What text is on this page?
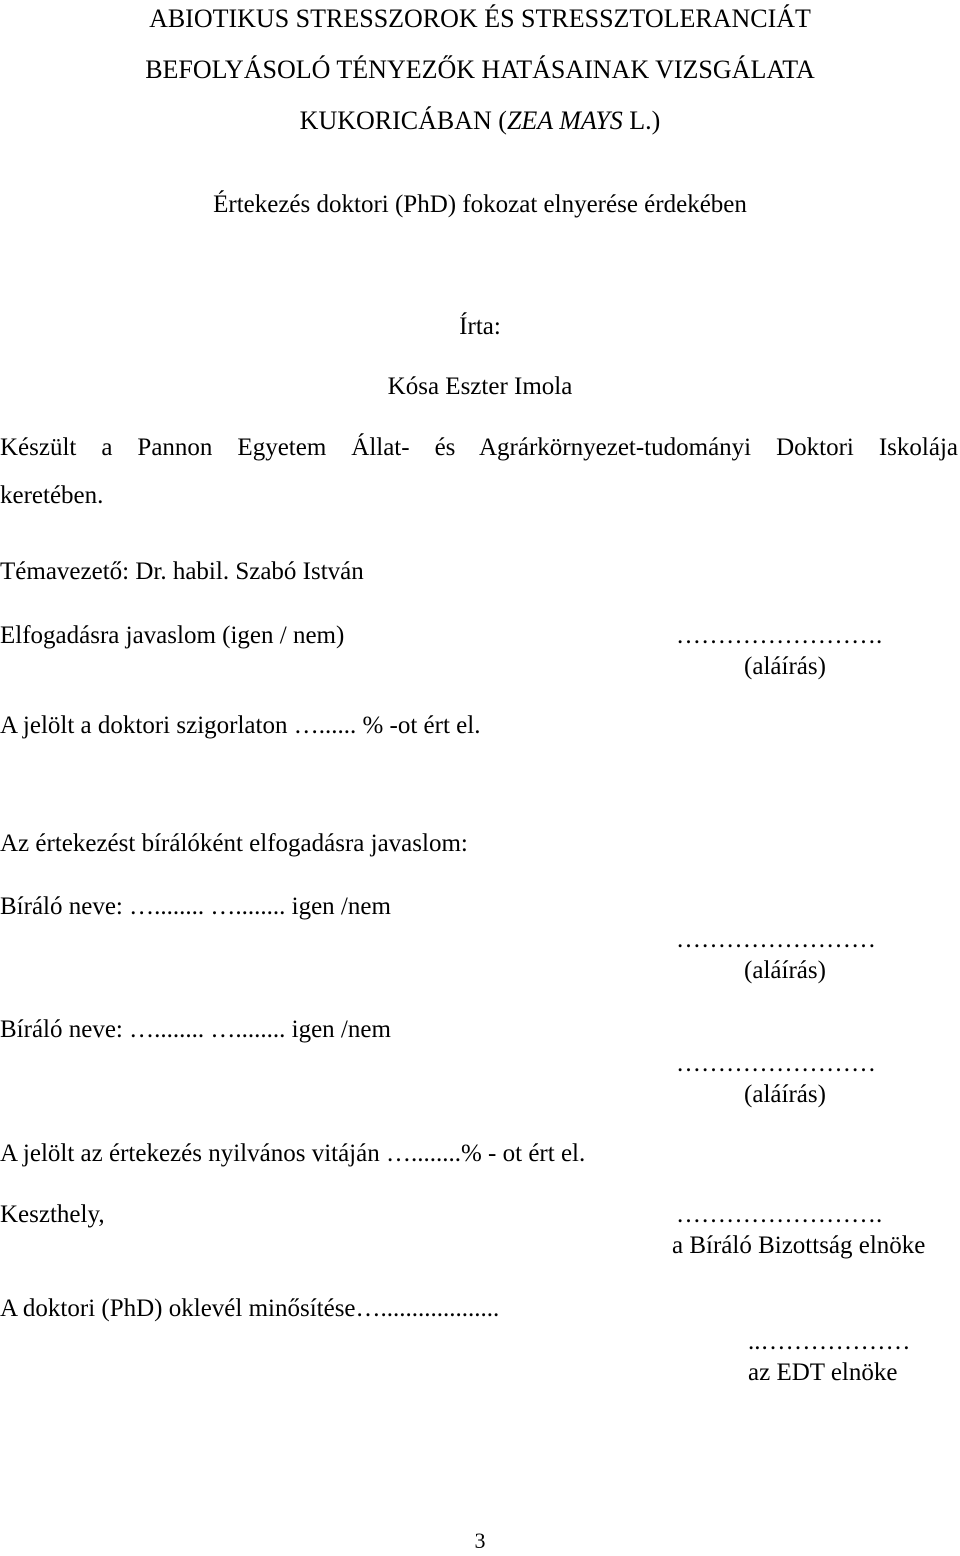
ABIOTIKUS STRESSZOROK ÉS STRESSZTOLERANCIÁT
BEFOLYÁSOLÓ TÉNYEZŐK HATÁSAINAK VIZSGÁLATA
KUKORICÁBAN (ZEA MAYS L.)
Értekezés doktori (PhD) fokozat elnyerése érdekében
Írta:
Kósa Eszter Imola
Készült a Pannon Egyetem Állat- és Agrárkörnyezet-tudományi Doktori Iskolája
keretében.
Témavezető: Dr. habil. Szabó István
Elfogadásra javaslom (igen / nem)	…………………….
(aláírás)
A jelölt a doktori szigorlaton …...... % -ot ért el.
Az értekezést bírálóként elfogadásra javaslom:
Bíráló neve: …........ …........ igen /nem
……………………
(aláírás)
Bíráló neve: …........ …........ igen /nem
……………………
(aláírás)
A jelölt az értekezés nyilvános vitáján …........% - ot ért el.
Keszthely,	…………………….
a Bíráló Bizottság elnöke
A doktori (PhD) oklevél minősítése…...................
..………………
az EDT elnöke
3
